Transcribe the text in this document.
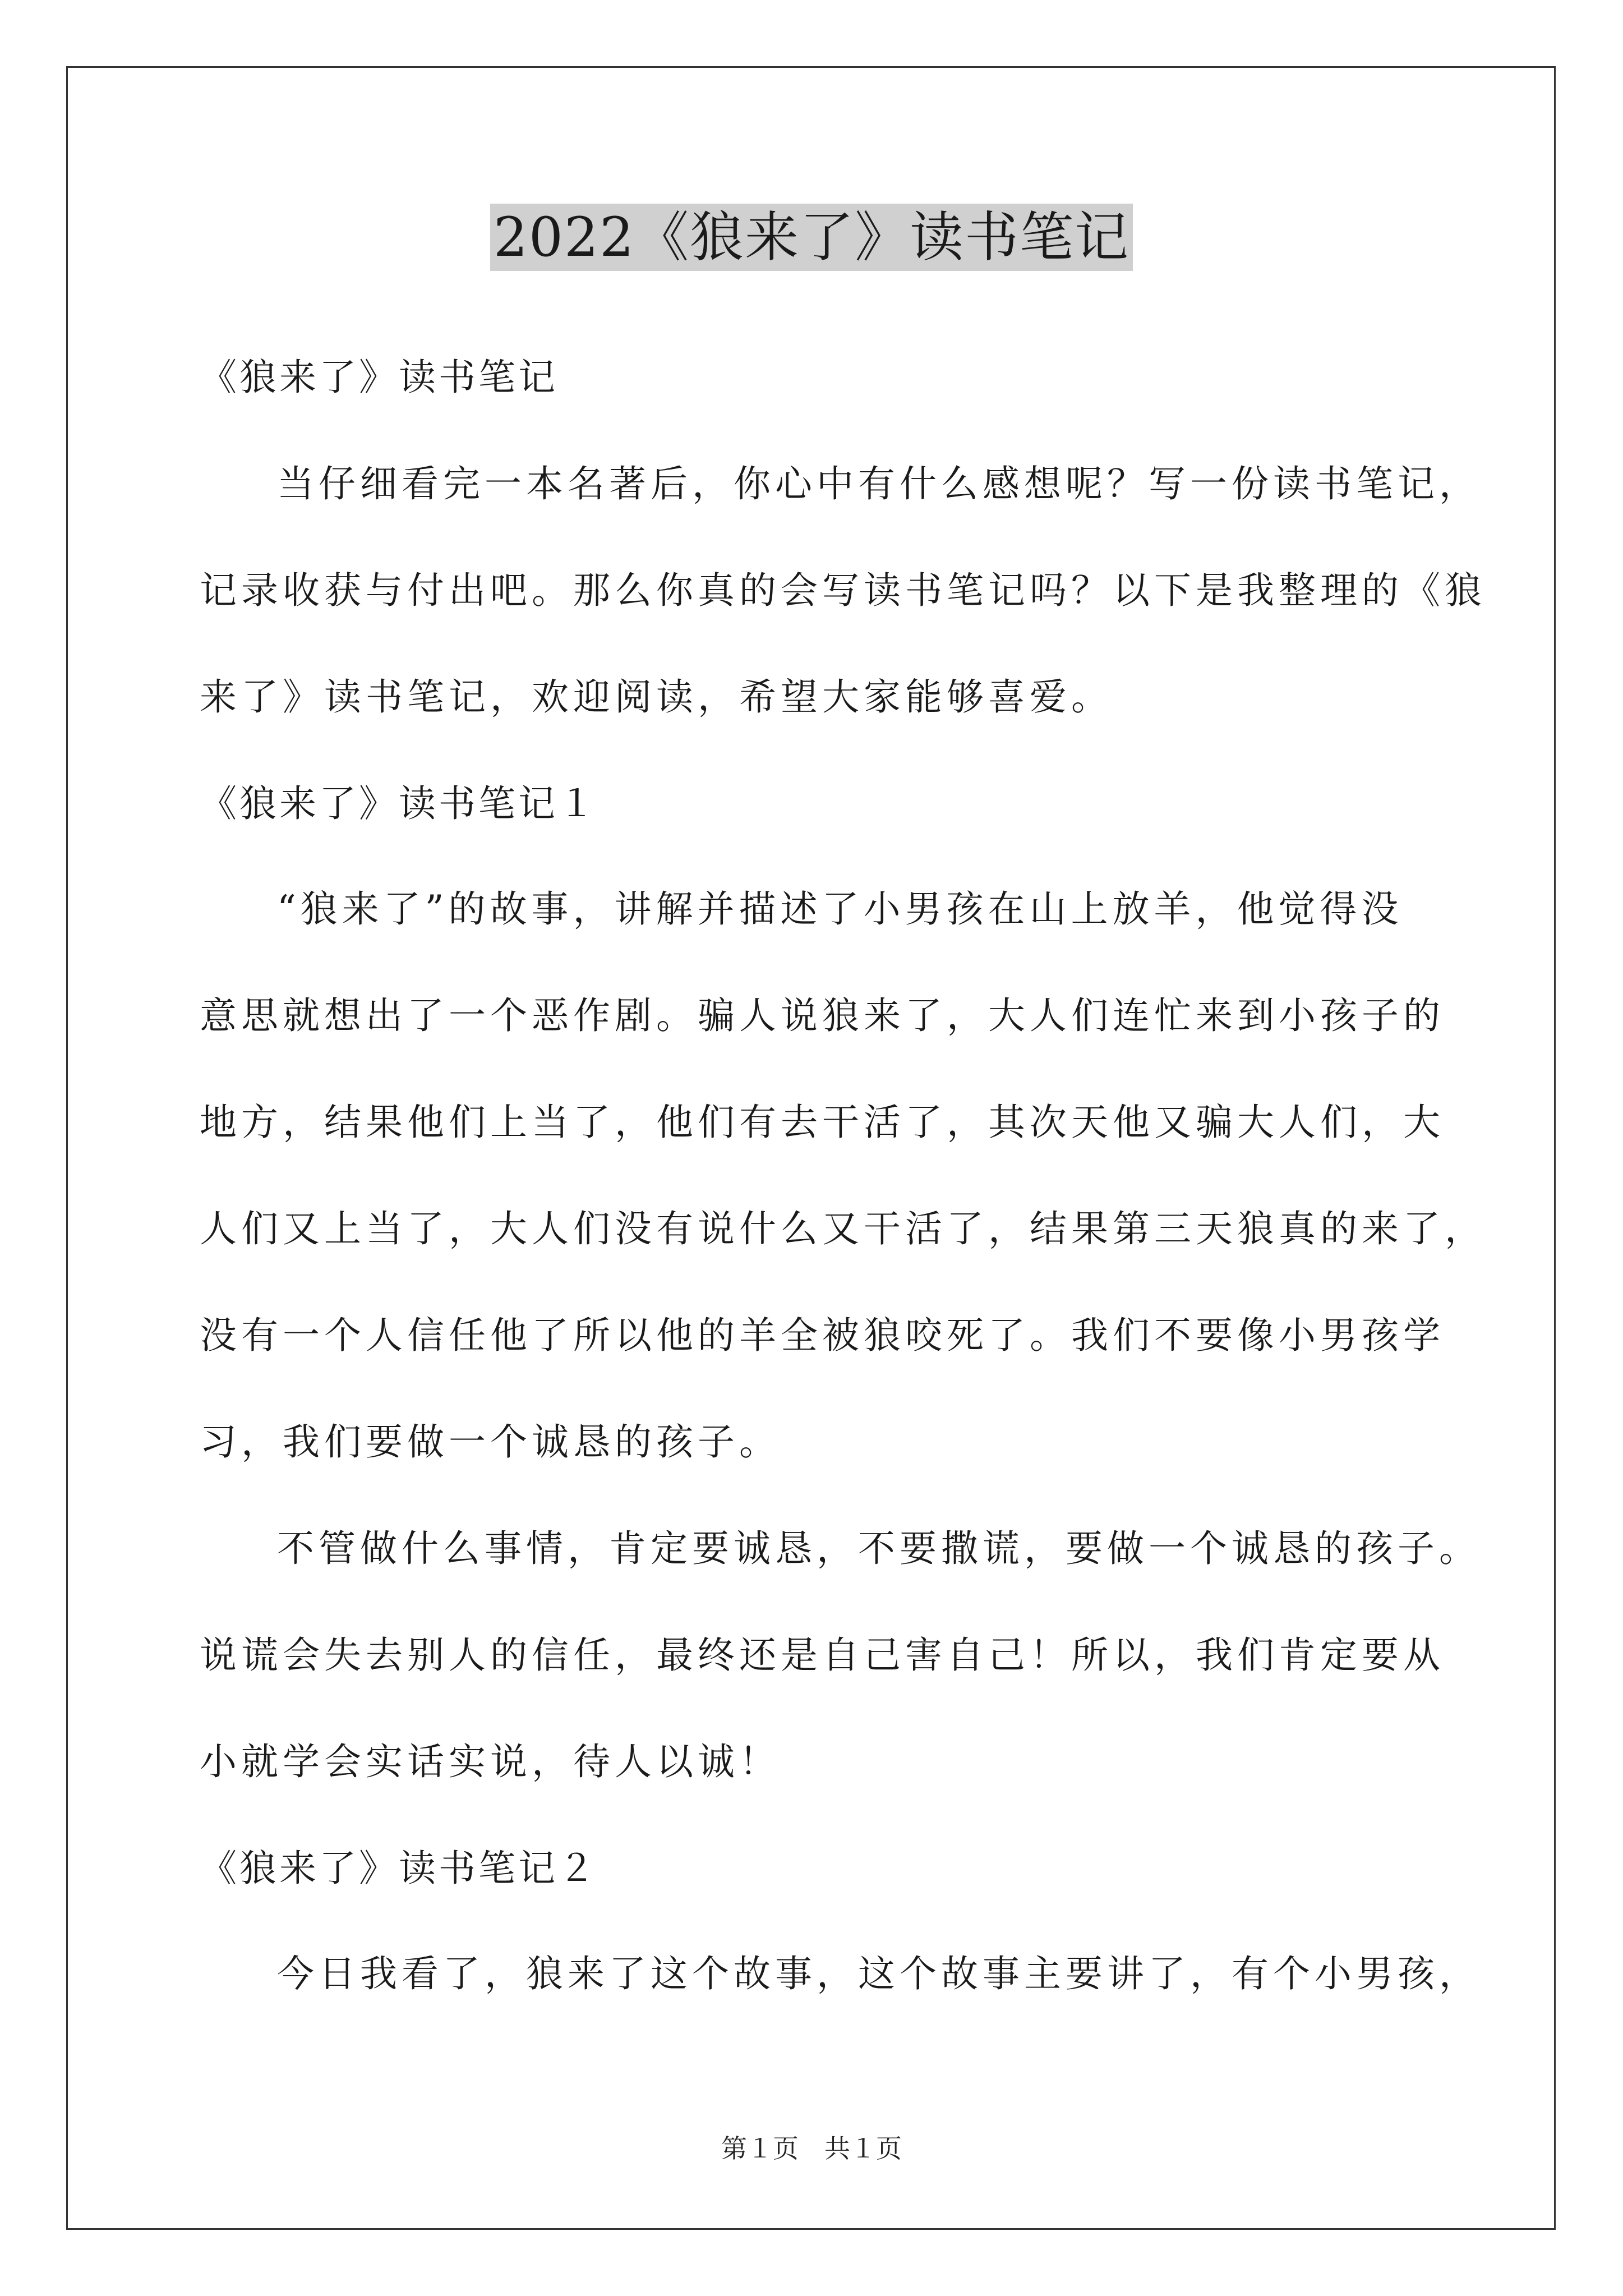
2022《狼来了》读书笔记
《狼来了》读书笔记
当仔细看完一本名著后，你心中有什么感想呢？写一份读书笔记，
记录收获与付出吧。那么你真的会写读书笔记吗？以下是我整理的《狼
来了》读书笔记，欢迎阅读，希望大家能够喜爱。
《狼来了》读书笔记１
“狼来了”的故事，讲解并描述了小男孩在山上放羊，他觉得没
意思就想出了一个恶作剧。骗人说狼来了，大人们连忙来到小孩子的
地方，结果他们上当了，他们有去干活了，其次天他又骗大人们，大
人们又上当了，大人们没有说什么又干活了，结果第三天狼真的来了，
没有一个人信任他了所以他的羊全被狼咬死了。我们不要像小男孩学
习，我们要做一个诚恳的孩子。
不管做什么事情，肯定要诚恳，不要撒谎，要做一个诚恳的孩子。
说谎会失去别人的信任，最终还是自己害自己！所以，我们肯定要从
小就学会实话实说，待人以诚！
《狼来了》读书笔记２
今日我看了，狼来了这个故事，这个故事主要讲了，有个小男孩，
第１页　共１页
